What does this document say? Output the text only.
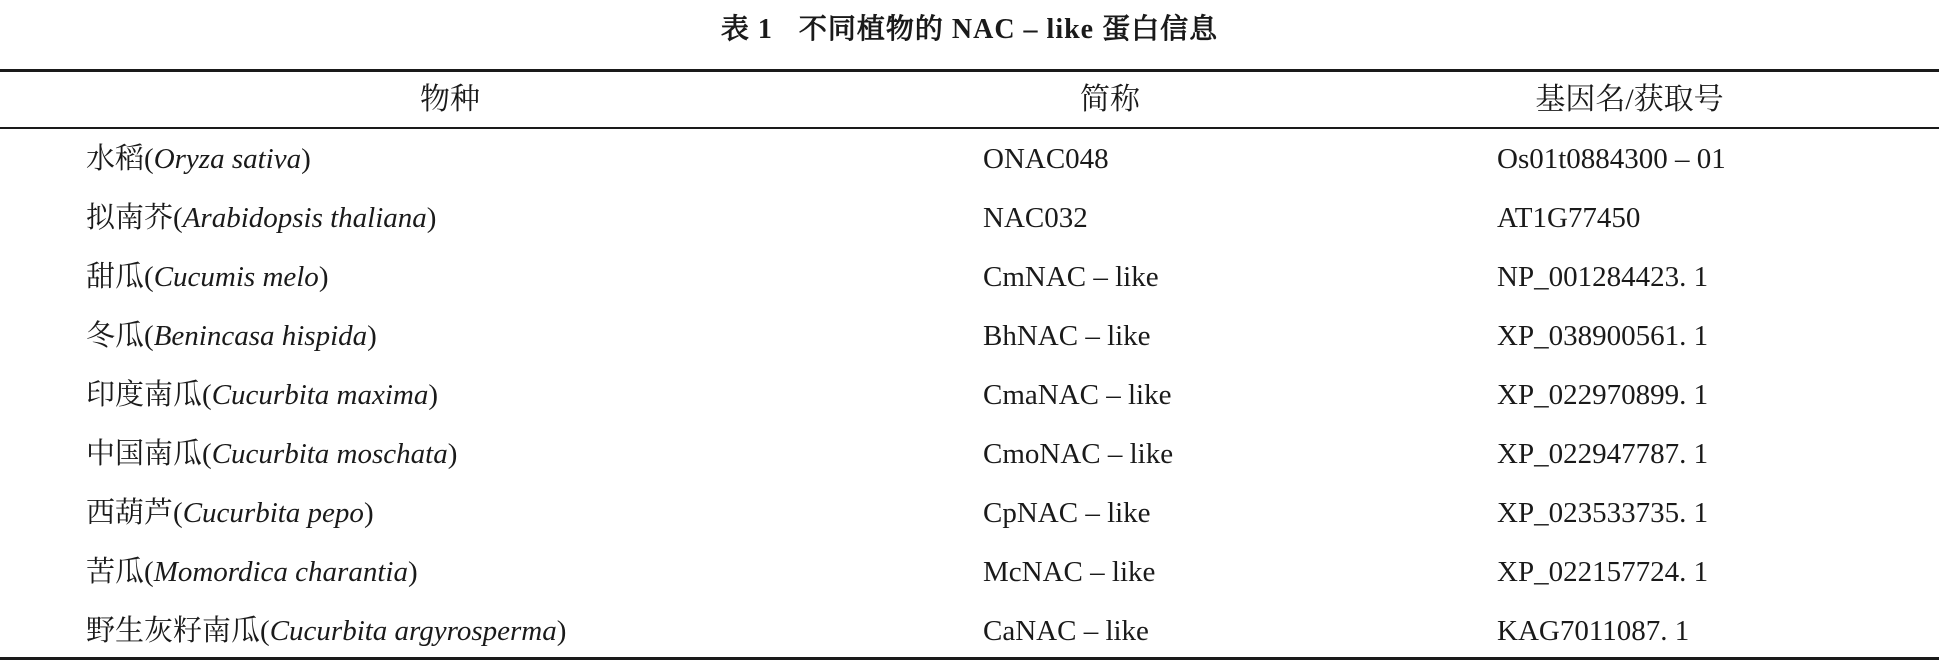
表 1 不同植物的 NAC – like 蛋白信息
物种	简称	基因名/获取号
水稻(Oryza sativa)	ONAC048	Os01t0884300 – 01
拟南芥(Arabidopsis thaliana)	NAC032	AT1G77450
甜瓜(Cucumis melo)	CmNAC – like	NP_001284423. 1
冬瓜(Benincasa hispida)	BhNAC – like	XP_038900561. 1
印度南瓜(Cucurbita maxima)	CmaNAC – like	XP_022970899. 1
中国南瓜(Cucurbita moschata)	CmoNAC – like	XP_022947787. 1
西葫芦(Cucurbita pepo)	CpNAC – like	XP_023533735. 1
苦瓜(Momordica charantia)	McNAC – like	XP_022157724. 1
野生灰籽南瓜(Cucurbita argyrosperma)	CaNAC – like	KAG7011087. 1
